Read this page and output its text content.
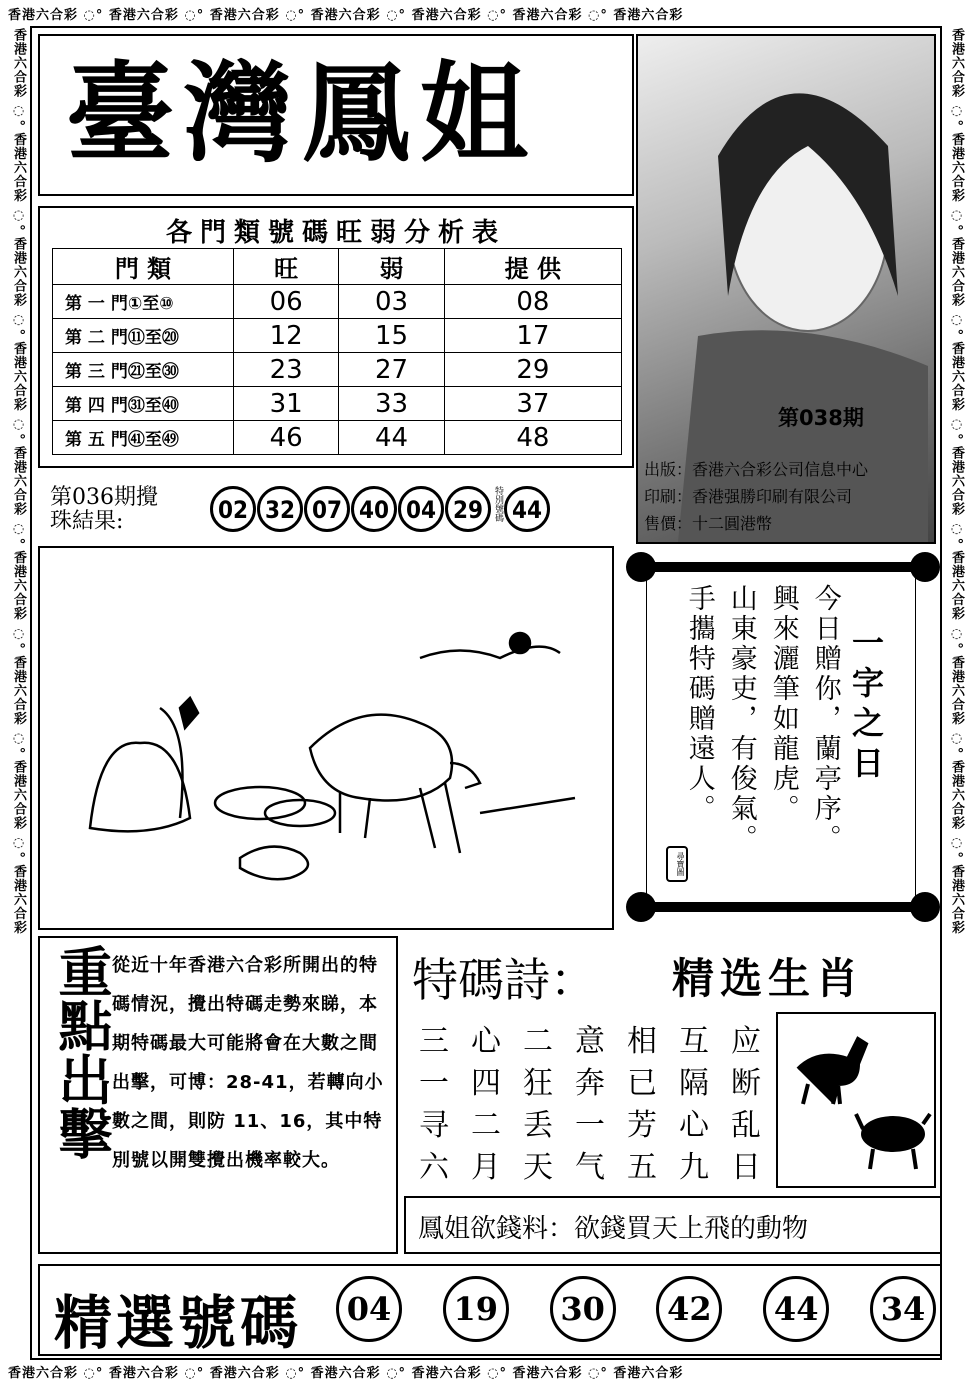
香港六合彩 ◌° 香港六合彩 ◌° 香港六合彩 ◌° 香港六合彩 ◌° 香港六合彩 ◌° 香港六合彩 ◌° 香港六合彩
香港六合彩 ◌° 香港六合彩 ◌° 香港六合彩 ◌° 香港六合彩 ◌° 香港六合彩 ◌° 香港六合彩 ◌° 香港六合彩
香港六合彩 ◌° 香港六合彩 ◌° 香港六合彩 ◌° 香港六合彩 ◌° 香港六合彩 ◌° 香港六合彩 ◌° 香港六合彩 ◌° 香港六合彩 ◌° 香港六合彩	香港六合彩 ◌° 香港六合彩 ◌° 香港六合彩 ◌° 香港六合彩 ◌° 香港六合彩 ◌° 香港六合彩 ◌° 香港六合彩 ◌° 香港六合彩 ◌° 香港六合彩
臺灣鳳姐
第038期
出版：香港六合彩公司信息中心
印刷：香港强勝印刷有限公司
售價：十二圓港幣
各門類號碼旺弱分析表
門 類	旺	弱	提 供
第 一 門①至⑩	06	03	08
第 二 門⑪至⑳	12	15	17
第 三 門㉑至㉚	23	27	29
第 四 門㉛至㊵	31	33	37
第 五 門㊶至㊾	46	44	48
第036期攪
珠結果:	02 32 07 40 04 29 特別號碼 44
一字之日
今日贈你，蘭亭序。
興來灑筆如龍虎。
山東豪吏，有俊氣。
手攜特碼贈遠人。
尋寶圖
重點出擊
從近十年香港六合彩所開出的特碼情況，攪出特碼走勢來睇，本期特碼最大可能將會在大數之間出擊，可博：28-41，若轉向小數之間，則防 11、16，其中特別號以開雙攪出機率較大。
特碼詩： 精选生肖
三 心 二 意 相 互 应
一 四 狂 奔 已 隔 断
寻 二 丢 一 芳 心 乱
六 月 天 气 五 九 日
鳳姐欲錢料：欲錢買天上飛的動物
精選號碼	04	19	30	42	44	34
